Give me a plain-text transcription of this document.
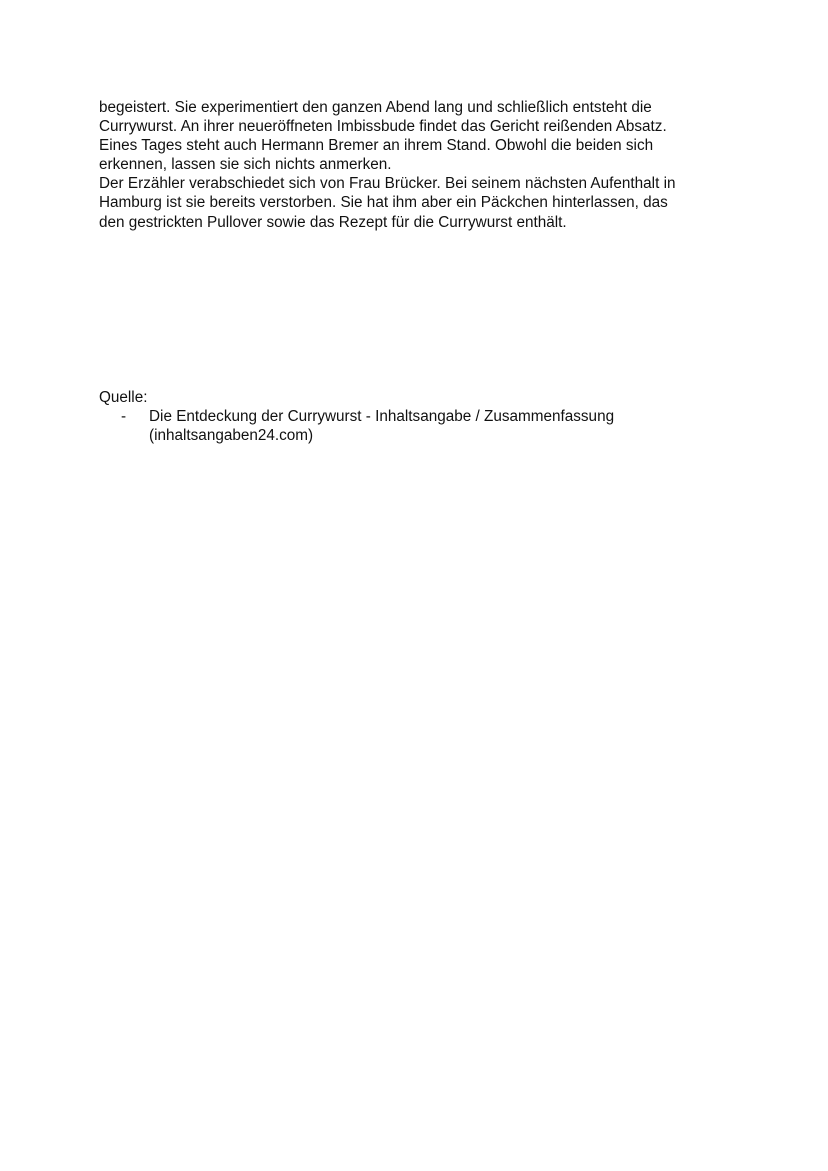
begeistert. Sie experimentiert den ganzen Abend lang und schließlich entsteht die
Currywurst. An ihrer neueröffneten Imbissbude findet das Gericht reißenden Absatz.
Eines Tages steht auch Hermann Bremer an ihrem Stand. Obwohl die beiden sich
erkennen, lassen sie sich nichts anmerken.
Der Erzähler verabschiedet sich von Frau Brücker. Bei seinem nächsten Aufenthalt in
Hamburg ist sie bereits verstorben. Sie hat ihm aber ein Päckchen hinterlassen, das
den gestrickten Pullover sowie das Rezept für die Currywurst enthält.
Quelle:
- Die Entdeckung der Currywurst - Inhaltsangabe / Zusammenfassung
(inhaltsangaben24.com)
